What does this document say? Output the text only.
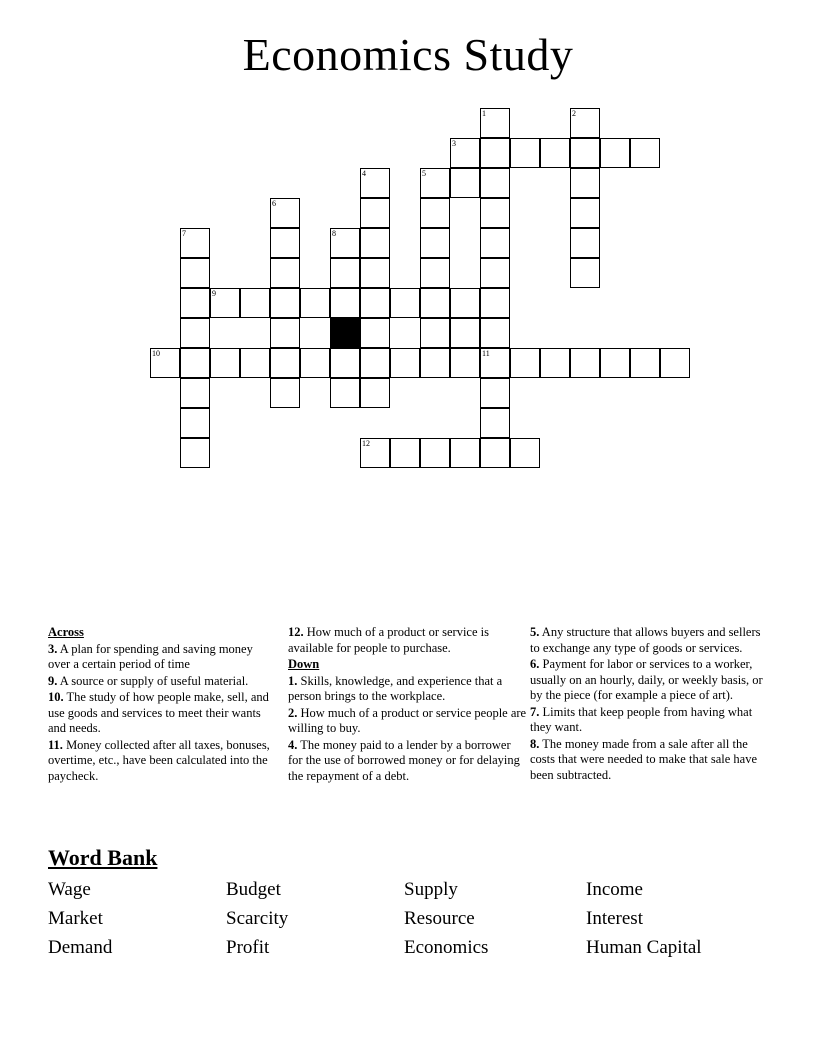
Economics Study
1	2
3
4	5
6
7	8
9
10	11
12
Across
3. A plan for spending and saving money over a certain period of time
9. A source or supply of useful material.
10. The study of how people make, sell, and use goods and services to meet their wants and needs.
11. Money collected after all taxes, bonuses, overtime, etc., have been calculated into the paycheck.
12. How much of a product or service is available for people to purchase.
Down
1. Skills, knowledge, and experience that a person brings to the workplace.
2. How much of a product or service people are willing to buy.
4. The money paid to a lender by a borrower for the use of borrowed money or for delaying the repayment of a debt.
5. Any structure that allows buyers and sellers to exchange any type of goods or services.
6. Payment for labor or services to a worker, usually on an hourly, daily, or weekly basis, or by the piece (for example a piece of art).
7. Limits that keep people from having what they want.
8. The money made from a sale after all the costs that were needed to make that sale have been subtracted.
Word Bank
Wage	Budget	Supply	Income
Market	Scarcity	Resource	Interest
Demand	Profit	Economics	Human Capital
